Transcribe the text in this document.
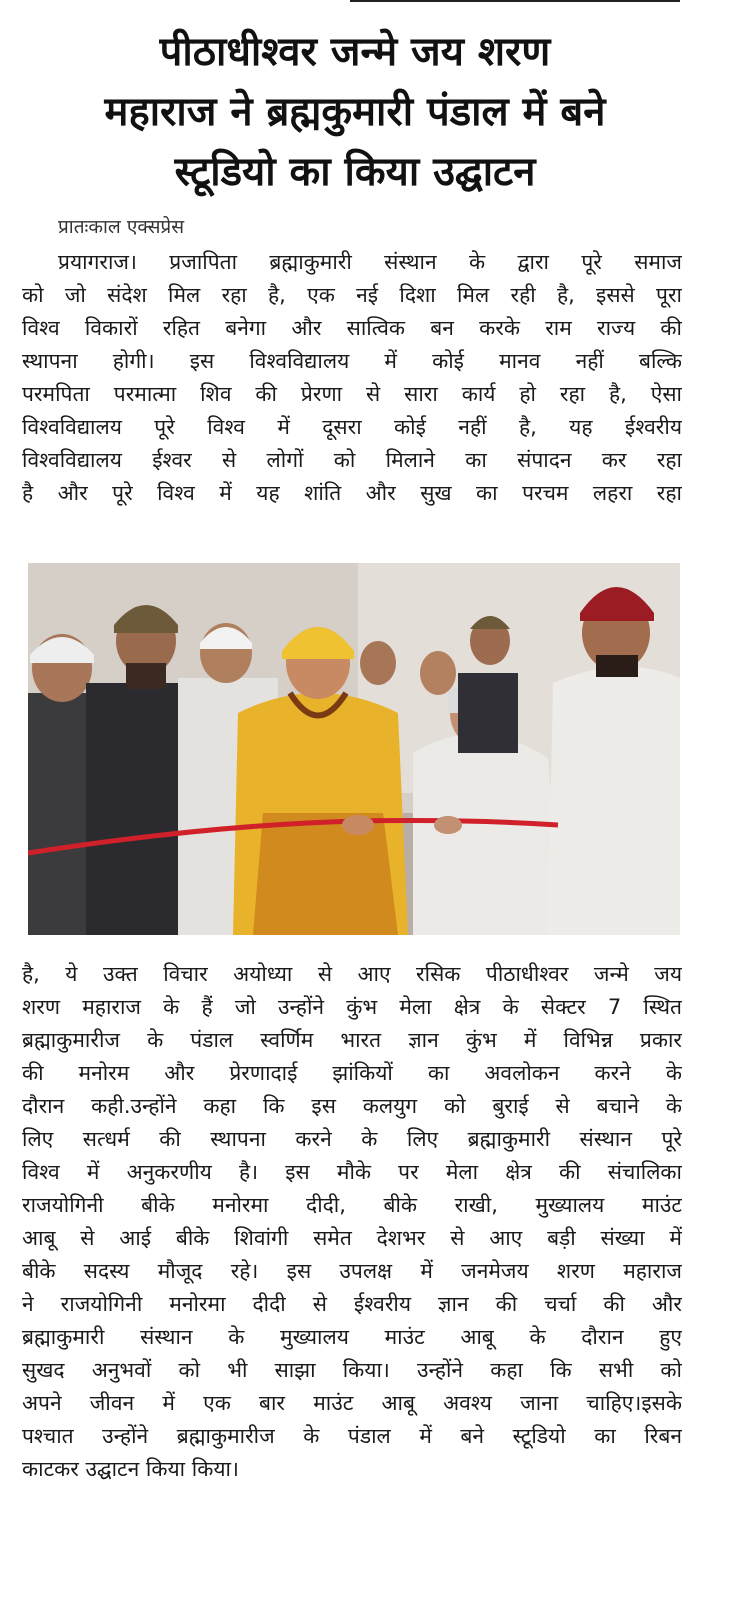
पीठाधीश्वर जन्मे जय शरण
महाराज ने ब्रह्मकुमारी पंडाल में बने
स्टूडियो का किया उद्घाटन
प्रातःकाल एक्सप्रेस
प्रयागराज। प्रजापिता ब्रह्माकुमारी संस्थान के द्वारा पूरे समाज
को जो संदेश मिल रहा है, एक नई दिशा मिल रही है, इससे पूरा
विश्व विकारों रहित बनेगा और सात्विक बन करके राम राज्य की
स्थापना होगी। इस विश्वविद्यालय में कोई मानव नहीं बल्कि
परमपिता परमात्मा शिव की प्रेरणा से सारा कार्य हो रहा है, ऐसा
विश्वविद्यालय पूरे विश्व में दूसरा कोई नहीं है, यह ईश्वरीय
विश्वविद्यालय ईश्वर से लोगों को मिलाने का संपादन कर रहा
है और पूरे विश्व में यह शांति और सुख का परचम लहरा रहा
है, ये उक्त विचार अयोध्या से आए रसिक पीठाधीश्वर जन्मे जय
शरण महाराज के हैं जो उन्होंने कुंभ मेला क्षेत्र के सेक्टर 7 स्थित
ब्रह्माकुमारीज के पंडाल स्वर्णिम भारत ज्ञान कुंभ में विभिन्न प्रकार
की मनोरम और प्रेरणादाई झांकियों का अवलोकन करने के
दौरान कही.उन्होंने कहा कि इस कलयुग को बुराई से बचाने के
लिए सत्धर्म की स्थापना करने के लिए ब्रह्माकुमारी संस्थान पूरे
विश्व में अनुकरणीय है। इस मौके पर मेला क्षेत्र की संचालिका
राजयोगिनी बीके मनोरमा दीदी, बीके राखी, मुख्यालय माउंट
आबू से आई बीके शिवांगी समेत देशभर से आए बड़ी संख्या में
बीके सदस्य मौजूद रहे। इस उपलक्ष में जनमेजय शरण महाराज
ने राजयोगिनी मनोरमा दीदी से ईश्वरीय ज्ञान की चर्चा की और
ब्रह्माकुमारी संस्थान के मुख्यालय माउंट आबू के दौरान हुए
सुखद अनुभवों को भी साझा किया। उन्होंने कहा कि सभी को
अपने जीवन में एक बार माउंट आबू अवश्य जाना चाहिए।इसके
पश्चात उन्होंने ब्रह्माकुमारीज के पंडाल में बने स्टूडियो का रिबन
काटकर उद्घाटन किया किया।
